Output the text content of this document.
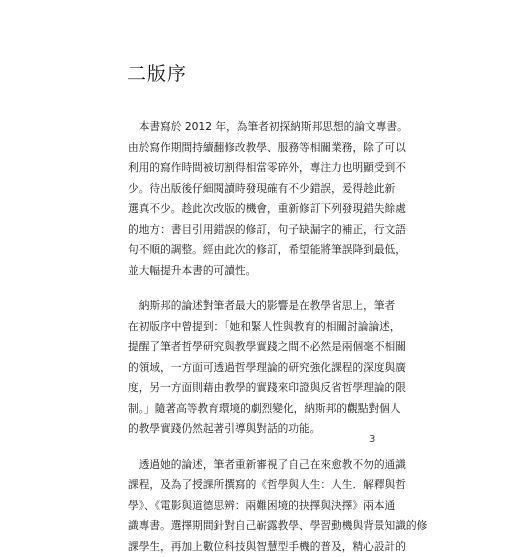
二版序

　本書寫於 2012 年，為筆者初探納斯邦思想的論文專書。
由於寫作期間持續翻修改教學、服務等相關業務，除了可以
利用的寫作時間被切割得相當零碎外，專注力也明顯受到不
少。待出版後仔細閱讀時發現確有不少錯誤，爰得趁此新
選真不少。趁此次改版的機會，重新修訂下列發現錯失餘處
的地方：書目引用錯誤的修訂，句子缺漏字的補正，行文語
句不順的調整。經由此次的修訂，希望能將筆誤降到最低，
並大幅提升本書的可讀性。

　納斯邦的論述對筆者最大的影響是在教學省思上，筆者
在初版序中曾提到：「她和緊人性與教育的相關討論論述，
提醒了筆者哲學研究與教學實踐之間不必然是兩個毫不相關
的領域，一方面可透過哲學理論的研究強化課程的深度與廣
度，另一方面則藉由教學的實踐來印證與反省哲學理論的限
制。」隨著高等教育環境的劇烈變化，納斯邦的觀點對個人
的教學實踐仍然起著引導與對話的功能。

　透過她的論述，筆者重新審視了自己在來愈教不勿的通識
課程，及為了授課所撰寫的《哲學與人生：人生．解釋與哲
學》、《電影與道德思辨：兩難困境的抉擇與決擇》兩本通
識專書。選擇期間針對自己嶄露教學、學習動機與背景知識的修
課學生，再加上數位科技與智慧型手機的普及，精心設計的

3
